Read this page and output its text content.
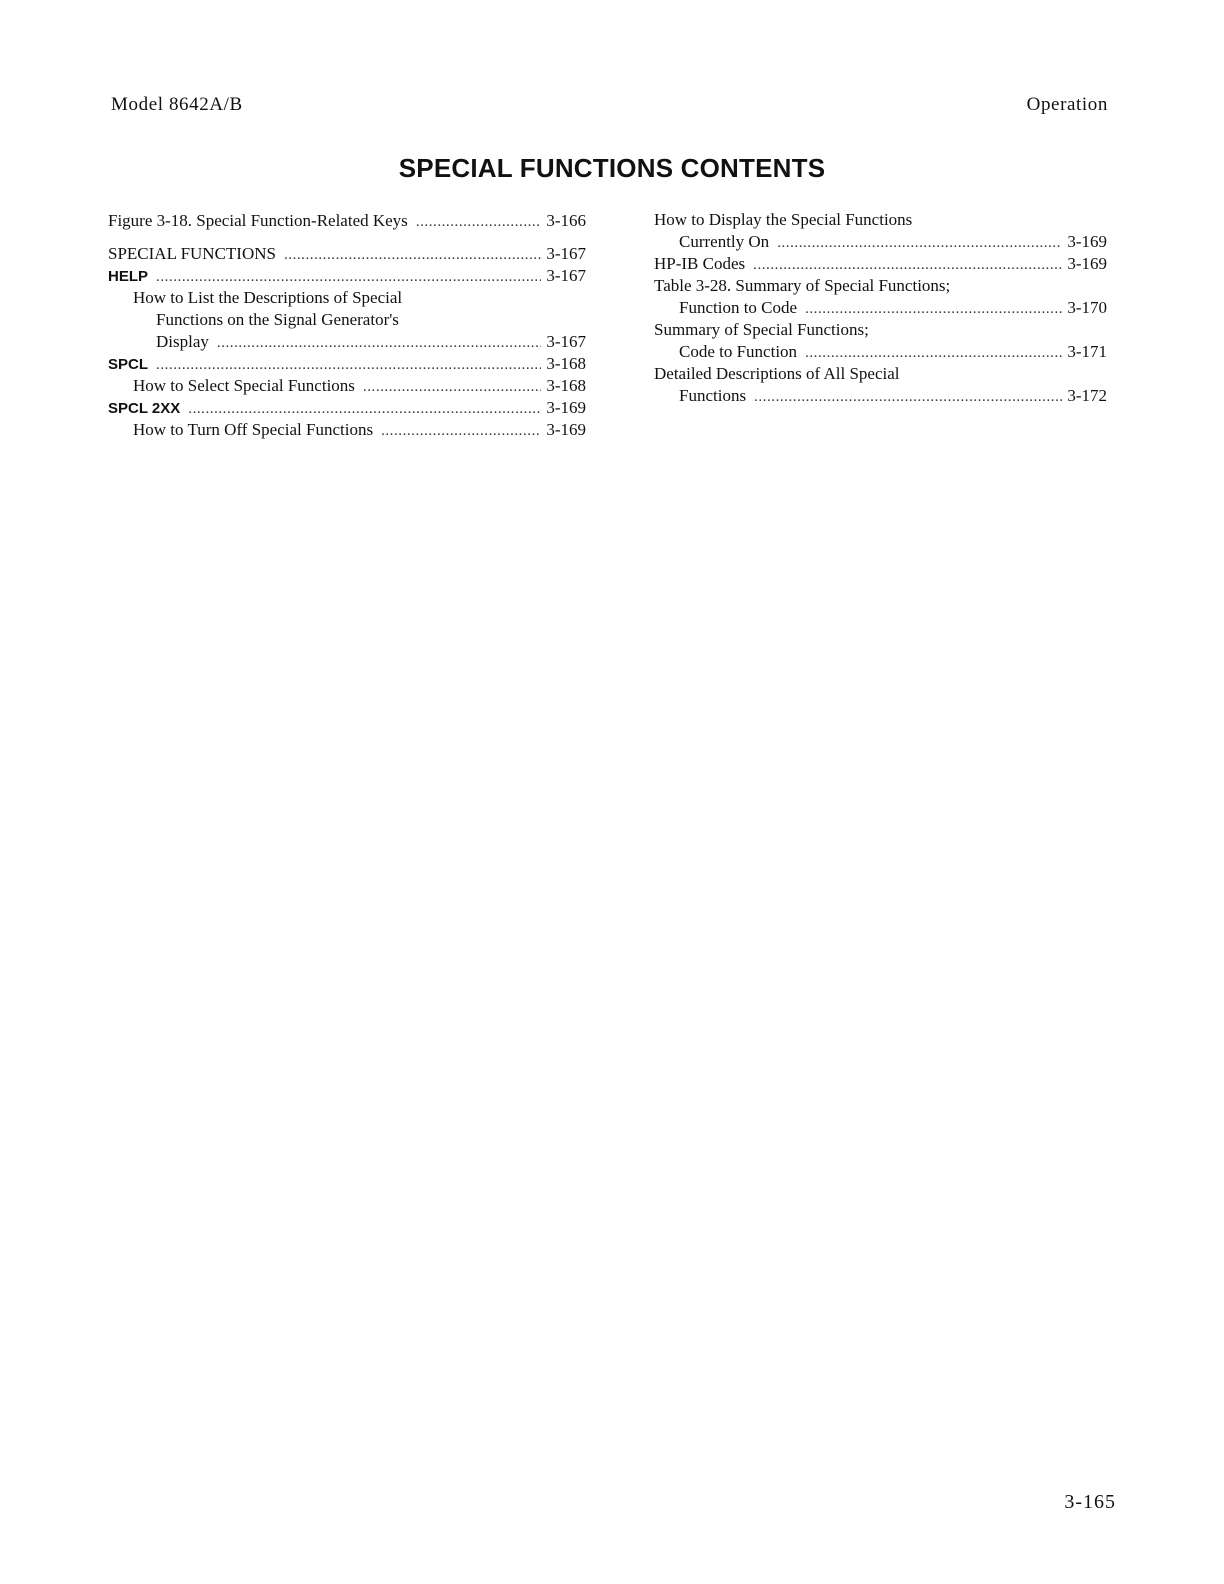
Model 8642A/B	Operation
SPECIAL FUNCTIONS CONTENTS
Figure 3-18. Special Function-Related Keys . . .	3-166
SPECIAL FUNCTIONS . . .	3-167
HELP . . .	3-167
How to List the Descriptions of Special
Functions on the Signal Generator's
Display . . .	3-167
SPCL . . .	3-168
How to Select Special Functions . . .	3-168
SPCL 2XX . . .	3-169
How to Turn Off Special Functions . . .	3-169
How to Display the Special Functions
Currently On . . .	3-169
HP-IB Codes . . .	3-169
Table 3-28. Summary of Special Functions;
Function to Code . . .	3-170
Summary of Special Functions;
Code to Function . . .	3-171
Detailed Descriptions of All Special
Functions . . .	3-172
3-165
